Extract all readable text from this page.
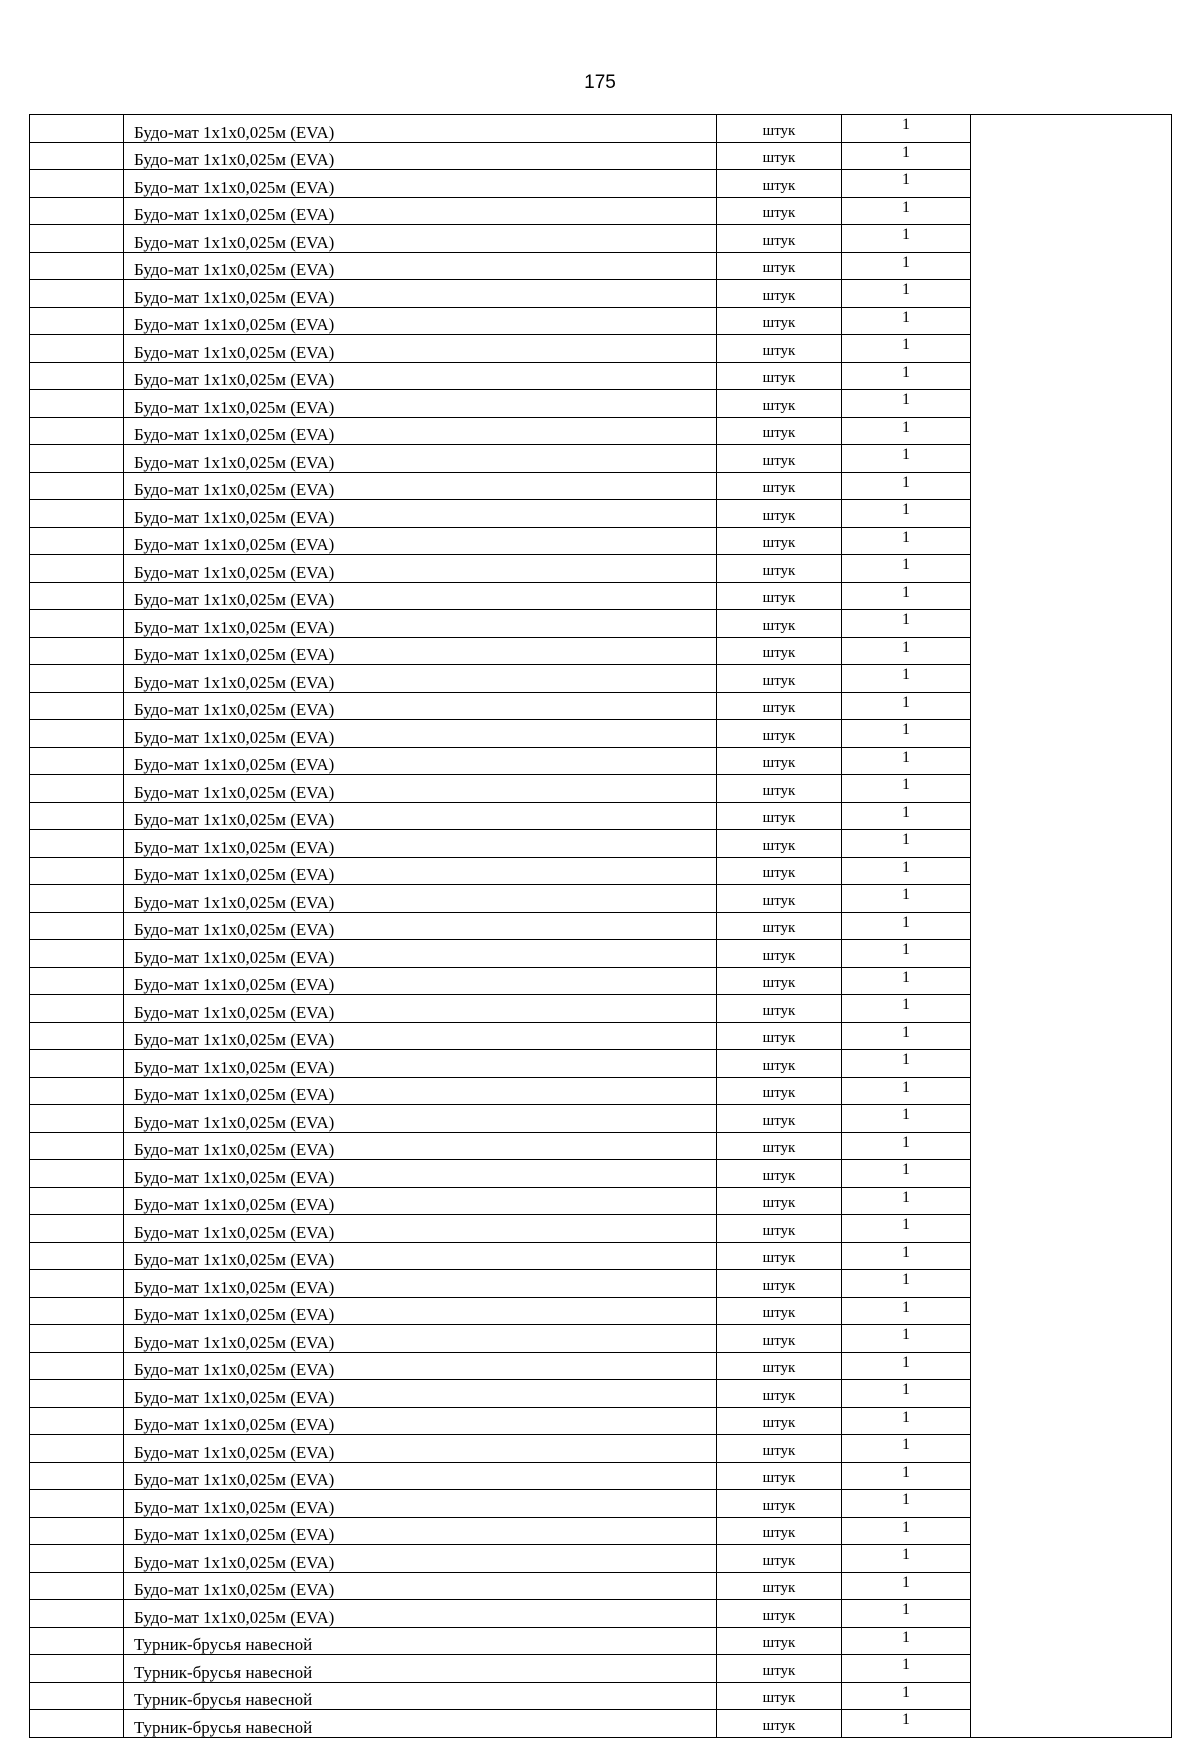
175
	Будо-мат 1х1х0,025м (EVA)	штук	1	
	Будо-мат 1х1х0,025м (EVA)	штук	1	
	Будо-мат 1х1х0,025м (EVA)	штук	1	
	Будо-мат 1х1х0,025м (EVA)	штук	1	
	Будо-мат 1х1х0,025м (EVA)	штук	1	
	Будо-мат 1х1х0,025м (EVA)	штук	1	
	Будо-мат 1х1х0,025м (EVA)	штук	1	
	Будо-мат 1х1х0,025м (EVA)	штук	1	
	Будо-мат 1х1х0,025м (EVA)	штук	1	
	Будо-мат 1х1х0,025м (EVA)	штук	1	
	Будо-мат 1х1х0,025м (EVA)	штук	1	
	Будо-мат 1х1х0,025м (EVA)	штук	1	
	Будо-мат 1х1х0,025м (EVA)	штук	1	
	Будо-мат 1х1х0,025м (EVA)	штук	1	
	Будо-мат 1х1х0,025м (EVA)	штук	1	
	Будо-мат 1х1х0,025м (EVA)	штук	1	
	Будо-мат 1х1х0,025м (EVA)	штук	1	
	Будо-мат 1х1х0,025м (EVA)	штук	1	
	Будо-мат 1х1х0,025м (EVA)	штук	1	
	Будо-мат 1х1х0,025м (EVA)	штук	1	
	Будо-мат 1х1х0,025м (EVA)	штук	1	
	Будо-мат 1х1х0,025м (EVA)	штук	1	
	Будо-мат 1х1х0,025м (EVA)	штук	1	
	Будо-мат 1х1х0,025м (EVA)	штук	1	
	Будо-мат 1х1х0,025м (EVA)	штук	1	
	Будо-мат 1х1х0,025м (EVA)	штук	1	
	Будо-мат 1х1х0,025м (EVA)	штук	1	
	Будо-мат 1х1х0,025м (EVA)	штук	1	
	Будо-мат 1х1х0,025м (EVA)	штук	1	
	Будо-мат 1х1х0,025м (EVA)	штук	1	
	Будо-мат 1х1х0,025м (EVA)	штук	1	
	Будо-мат 1х1х0,025м (EVA)	штук	1	
	Будо-мат 1х1х0,025м (EVA)	штук	1	
	Будо-мат 1х1х0,025м (EVA)	штук	1	
	Будо-мат 1х1х0,025м (EVA)	штук	1	
	Будо-мат 1х1х0,025м (EVA)	штук	1	
	Будо-мат 1х1х0,025м (EVA)	штук	1	
	Будо-мат 1х1х0,025м (EVA)	штук	1	
	Будо-мат 1х1х0,025м (EVA)	штук	1	
	Будо-мат 1х1х0,025м (EVA)	штук	1	
	Будо-мат 1х1х0,025м (EVA)	штук	1	
	Будо-мат 1х1х0,025м (EVA)	штук	1	
	Будо-мат 1х1х0,025м (EVA)	штук	1	
	Будо-мат 1х1х0,025м (EVA)	штук	1	
	Будо-мат 1х1х0,025м (EVA)	штук	1	
	Будо-мат 1х1х0,025м (EVA)	штук	1	
	Будо-мат 1х1х0,025м (EVA)	штук	1	
	Будо-мат 1х1х0,025м (EVA)	штук	1	
	Будо-мат 1х1х0,025м (EVA)	штук	1	
	Будо-мат 1х1х0,025м (EVA)	штук	1	
	Будо-мат 1х1х0,025м (EVA)	штук	1	
	Будо-мат 1х1х0,025м (EVA)	штук	1	
	Будо-мат 1х1х0,025м (EVA)	штук	1	
	Будо-мат 1х1х0,025м (EVA)	штук	1	
	Будо-мат 1х1х0,025м (EVA)	штук	1	
	Турник-брусья навесной	штук	1	
	Турник-брусья навесной	штук	1	
	Турник-брусья навесной	штук	1	
	Турник-брусья навесной	штук	1	
